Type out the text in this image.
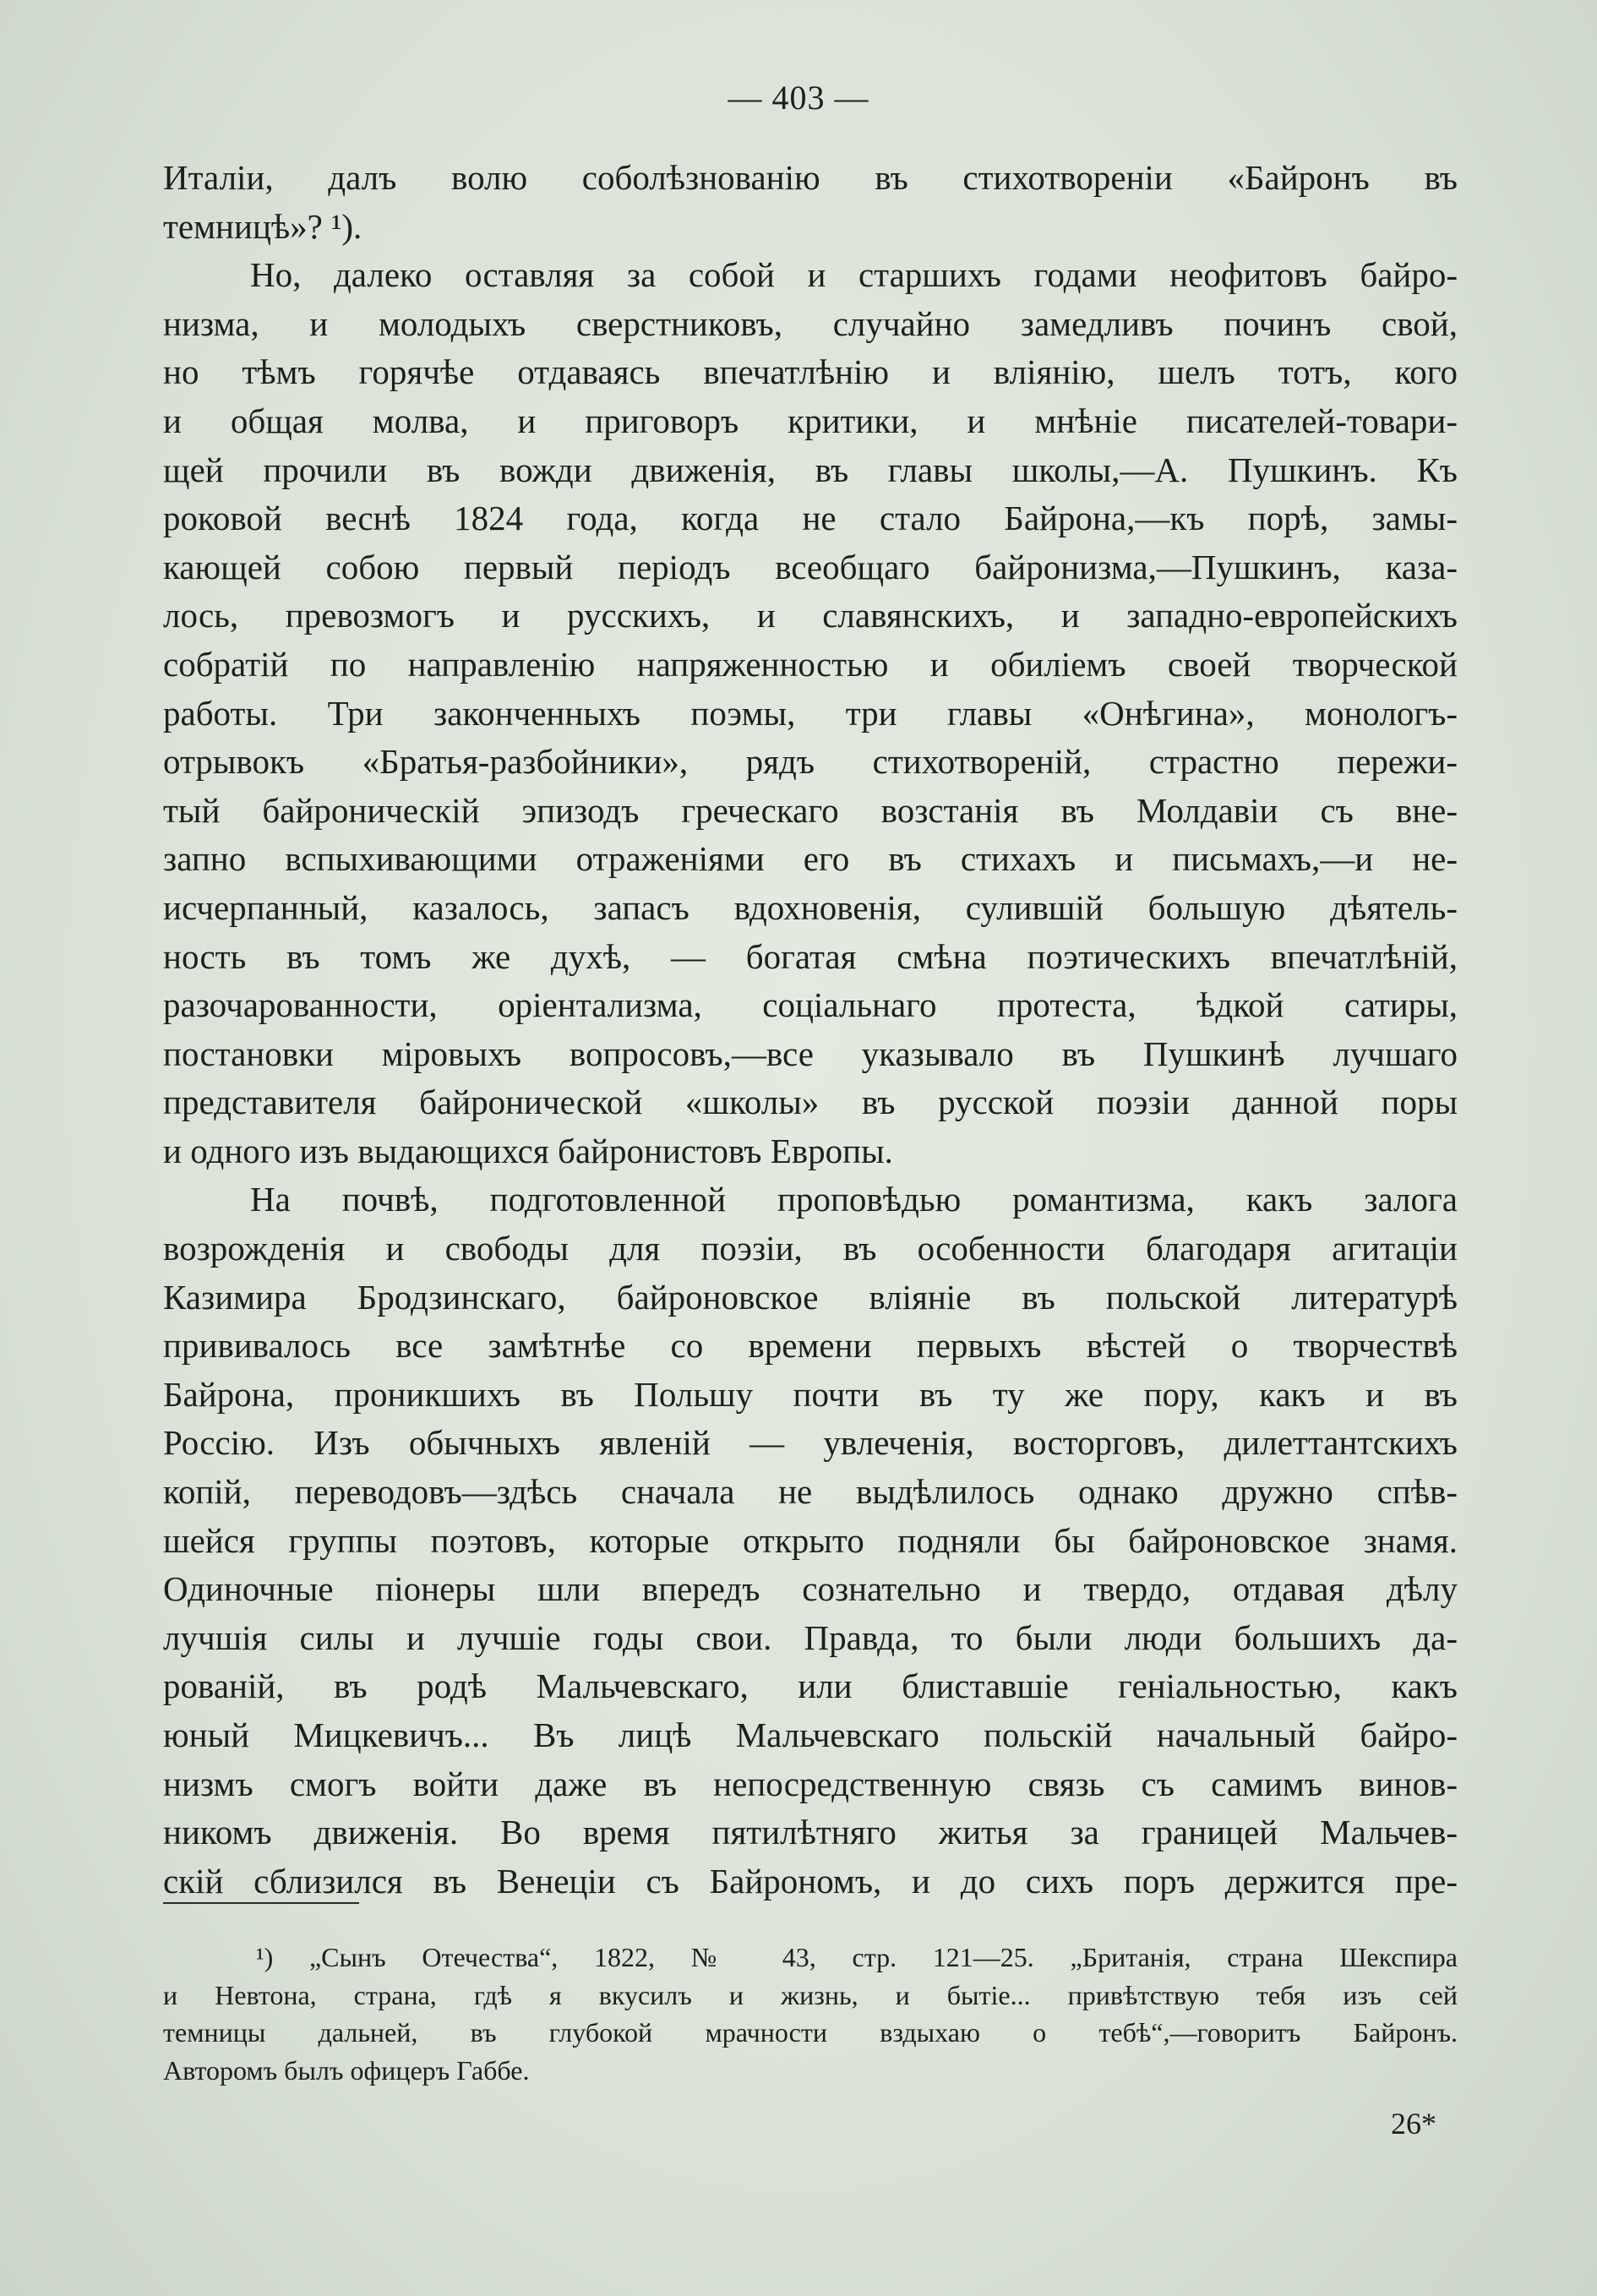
— 403 —
Италіи, далъ волю соболѣзнованію въ стихотвореніи «Байронъ въ
темницѣ»? ¹).
Но, далеко оставляя за собой и старшихъ годами неофитовъ байро-
низма, и молодыхъ сверстниковъ, случайно замедливъ починъ свой,
но тѣмъ горячѣе отдаваясь впечатлѣнію и вліянію, шелъ тотъ, кого
и общая молва, и приговоръ критики, и мнѣніе писателей-товари-
щей прочили въ вожди движенія, въ главы школы,—А. Пушкинъ. Къ
роковой веснѣ 1824 года, когда не стало Байрона,—къ порѣ, замы-
кающей собою первый періодъ всеобщаго байронизма,—Пушкинъ, каза-
лось, превозмогъ и русскихъ, и славянскихъ, и западно-европейскихъ
собратій по направленію напряженностью и обиліемъ своей творческой
работы. Три законченныхъ поэмы, три главы «Онѣгина», монологъ-
отрывокъ «Братья-разбойники», рядъ стихотвореній, страстно пережи-
тый байроническій эпизодъ греческаго возстанія въ Молдавіи съ вне-
запно вспыхивающими отраженіями его въ стихахъ и письмахъ,—и не-
исчерпанный, казалось, запасъ вдохновенія, сулившій большую дѣятель-
ность въ томъ же духѣ, — богатая смѣна поэтическихъ впечатлѣній,
разочарованности, оріентализма, соціальнаго протеста, ѣдкой сатиры,
постановки міровыхъ вопросовъ,—все указывало въ Пушкинѣ лучшаго
представителя байронической «школы» въ русской поэзіи данной поры
и одного изъ выдающихся байронистовъ Европы.
На почвѣ, подготовленной проповѣдью романтизма, какъ залога
возрожденія и свободы для поэзіи, въ особенности благодаря агитаціи
Казимира Бродзинскаго, байроновское вліяніе въ польской литературѣ
прививалось все замѣтнѣе со времени первыхъ вѣстей о творчествѣ
Байрона, проникшихъ въ Польшу почти въ ту же пору, какъ и въ
Россію. Изъ обычныхъ явленій — увлеченія, восторговъ, дилеттантскихъ
копій, переводовъ—здѣсь сначала не выдѣлилось однако дружно спѣв-
шейся группы поэтовъ, которые открыто подняли бы байроновское знамя.
Одиночные піонеры шли впередъ сознательно и твердо, отдавая дѣлу
лучшія силы и лучшіе годы свои. Правда, то были люди большихъ да-
рованій, въ родѣ Мальчевскаго, или блиставшіе геніальностью, какъ
юный Мицкевичъ... Въ лицѣ Мальчевскаго польскій начальный байро-
низмъ смогъ войти даже въ непосредственную связь съ самимъ винов-
никомъ движенія. Во время пятилѣтняго житья за границей Мальчев-
скій сблизился въ Венеціи съ Байрономъ, и до сихъ поръ держится пре-
¹) „Сынъ Отечества“, 1822, № 43, стр. 121—25. „Британія, страна Шекспира
и Невтона, страна, гдѣ я вкусилъ и жизнь, и бытіе... привѣтствую тебя изъ сей
темницы дальней, въ глубокой мрачности вздыхаю о тебѣ“,—говоритъ Байронъ.
Авторомъ былъ офицеръ Габбе.
26*
